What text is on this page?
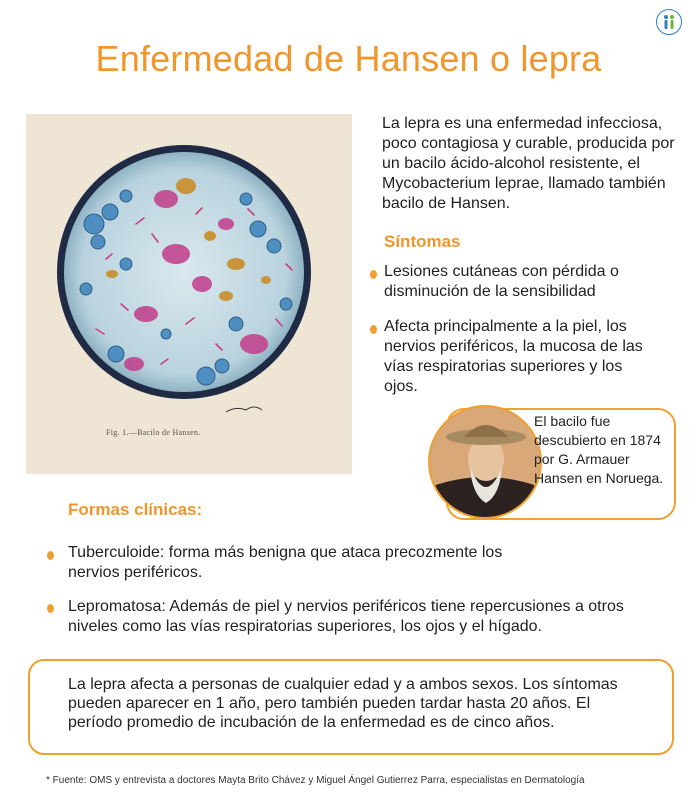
Enfermedad de Hansen o lepra
Fig. 1.—Bacilo de Hansen.
La lepra es una enfermedad infecciosa, poco contagiosa y curable, producida por un bacilo ácido-alcohol resistente, el Mycobacterium leprae, llamado también bacilo de Hansen.
Síntomas
Lesiones cutáneas con pérdida o disminución de la sensibilidad
Afecta principalmente a la piel, los nervios periféricos, la mucosa de las vías respiratorias superiores y los ojos.
El bacilo fue descubierto en 1874 por G. Armauer Hansen en Noruega.
Formas clínicas:
Tuberculoide: forma más benigna que ataca precozmente los nervios periféricos.
Lepromatosa: Además de piel y nervios periféricos tiene repercusiones a otros niveles como las vías respiratorias superiores, los ojos y el hígado.
La lepra afecta a personas de cualquier edad y a ambos sexos. Los síntomas pueden aparecer en 1 año, pero también pueden tardar hasta 20 años. El período promedio de incubación de la enfermedad es de cinco años.
* Fuente: OMS y entrevista a doctores Mayta Brito Chávez y Miguel Ángel Gutierrez Parra, especialistas en Dermatología
